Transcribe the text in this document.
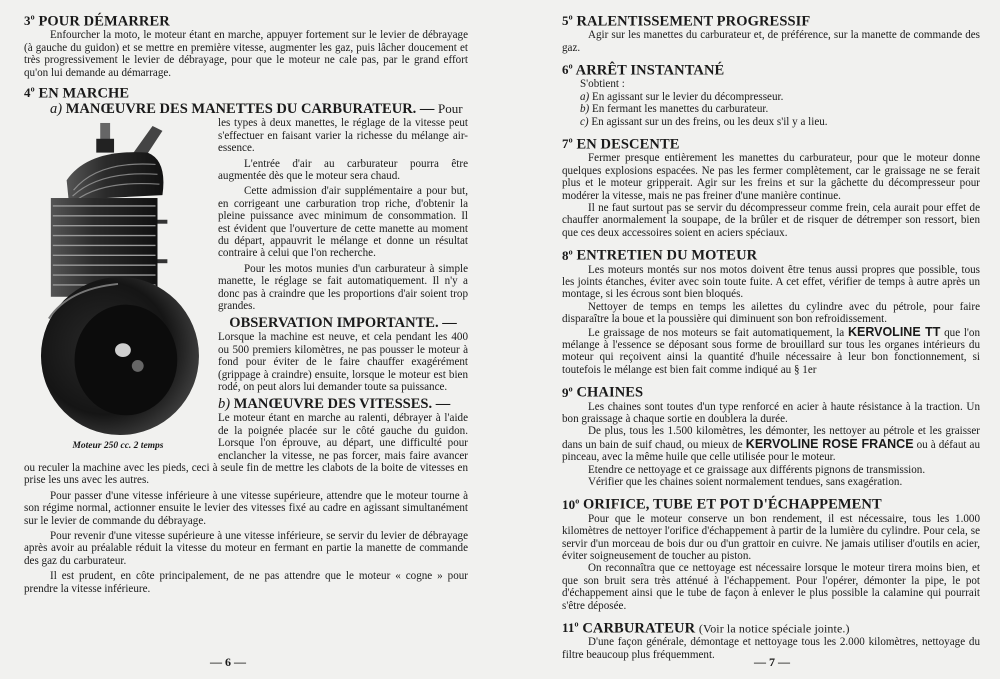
3$^o$ POUR DÉMARRER

Enfourcher la moto, le moteur étant en marche, appuyer fortement sur le levier de débrayage (à gauche du guidon) et se mettre en première vitesse, augmenter les gaz, puis lâcher doucement et très progressivement le levier de débrayage, pour que le moteur ne cale pas, par le grand effort qu'on lui demande au démarrage.

4$^o$ EN MARCHE
a) MANŒUVRE DES MANETTES DU CARBURATEUR. — Pour
Moteur 250 cc. 2 temps

les types à deux manettes, le réglage de la vitesse peut s'effectuer en faisant varier la richesse du mélange air-essence.

L'entrée d'air au carburateur pourra être augmentée dès que le moteur sera chaud.

Cette admission d'air supplémentaire a pour but, en corrigeant une carburation trop riche, d'obtenir la pleine puissance avec minimum de consommation. Il est évident que l'ouverture de cette manette au moment du départ, appauvrit le mélange et donne un résultat contraire à celui que l'on recherche.

Pour les motos munies d'un carburateur à simple manette, le réglage se fait automatiquement. Il n'y a donc pas à craindre que les proportions d'air soient trop grandes.

OBSERVATION IMPORTANTE. —

Lorsque la machine est neuve, et cela pendant les 400 ou 500 premiers kilomètres, ne pas pousser le moteur à fond pour éviter de le faire chauffer exagérément (grippage à craindre) ensuite, lorsque le moteur est bien rodé, on peut alors lui demander toute sa puissance.

b) MANŒUVRE DES VITESSES. —

Le moteur étant en marche au ralenti, débrayer à l'aide de la poignée placée sur le côté gauche du guidon. Lorsque l'on éprouve, au départ, une difficulté pour enclancher la vitesse, ne pas forcer, mais faire avancer ou reculer la machine avec les pieds, ceci à seule fin de mettre les clabots de la boite de vitesses en prise les uns avec les autres.

Pour passer d'une vitesse inférieure à une vitesse supérieure, attendre que le moteur tourne à son régime normal, actionner ensuite le levier des vitesses fixé au cadre en agissant simultanément sur le levier de commande du débrayage.

Pour revenir d'une vitesse supérieure à une vitesse inférieure, se servir du levier de débrayage après avoir au préalable réduit la vitesse du moteur en fermant en partie la manette de commande des gaz du carburateur.

Il est prudent, en côte principalement, de ne pas attendre que le moteur « cogne » pour prendre la vitesse inférieure.

— 6 —
5$^o$ RALENTISSEMENT PROGRESSIF

Agir sur les manettes du carburateur et, de préférence, sur la manette de commande des gaz.

6$^o$ ARRÊT INSTANTANÉ

S'obtient :

a) En agissant sur le levier du décompresseur.

b) En fermant les manettes du carburateur.

c) En agissant sur un des freins, ou les deux s'il y a lieu.

7$^o$ EN DESCENTE

Fermer presque entièrement les manettes du carburateur, pour que le moteur donne quelques explosions espacées. Ne pas les fermer complètement, car le graissage ne se ferait plus et le moteur gripperait. Agir sur les freins et sur la gâchette du décompresseur pour modérer la vitesse, mais ne pas freiner d'une manière continue.

Il ne faut surtout pas se servir du décompresseur comme frein, cela aurait pour effet de chauffer anormalement la soupape, de la brûler et de risquer de détremper son ressort, bien que ces deux accessoires soient en aciers spéciaux.

8$^o$ ENTRETIEN DU MOTEUR

Les moteurs montés sur nos motos doivent être tenus aussi propres que possible, tous les joints étanches, éviter avec soin toute fuite. A cet effet, vérifier de temps à autre après un montage, si les écrous sont bien bloqués.

Nettoyer de temps en temps les ailettes du cylindre avec du pétrole, pour faire disparaître la boue et la poussière qui diminuent son bon refroidissement.

Le graissage de nos moteurs se fait automatiquement, la KERVOLINE TT que l'on mélange à l'essence se déposant sous forme de brouillard sur tous les organes intérieurs du moteur qui reçoivent ainsi la quantité d'huile nécessaire à leur bon fonctionnement, si toutefois le mélange est bien fait comme indiqué au § 1er

9$^o$ CHAINES

Les chaines sont toutes d'un type renforcé en acier à haute résistance à la traction. Un bon graissage à chaque sortie en doublera la durée.

De plus, tous les 1.500 kilomètres, les démonter, les nettoyer au pétrole et les graisser dans un bain de suif chaud, ou mieux de KERVOLINE ROSE FRANCE ou à défaut au pinceau, avec la même huile que celle utilisée pour le moteur.

Etendre ce nettoyage et ce graissage aux différents pignons de transmission.

Vérifier que les chaines soient normalement tendues, sans exagération.

10$^o$ ORIFICE, TUBE ET POT D'ÉCHAPPEMENT

Pour que le moteur conserve un bon rendement, il est nécessaire, tous les 1.000 kilomètres de nettoyer l'orifice d'échappement à partir de la lumière du cylindre. Pour cela, se servir d'un morceau de bois dur ou d'un grattoir en cuivre. Ne jamais utiliser d'outils en acier, éviter soigneusement de toucher au piston.

On reconnaîtra que ce nettoyage est nécessaire lorsque le moteur tirera moins bien, et que son bruit sera très atténué à l'échappement. Pour l'opérer, démonter la pipe, le pot d'échappement ainsi que le tube de façon à enlever le plus possible la calamine qui pourrait s'être déposée.

11$^o$ CARBURATEUR (Voir la notice spéciale jointe.)

D'une façon générale, démontage et nettoyage tous les 2.000 kilomètres, nettoyage du filtre beaucoup plus fréquemment.

— 7 —
